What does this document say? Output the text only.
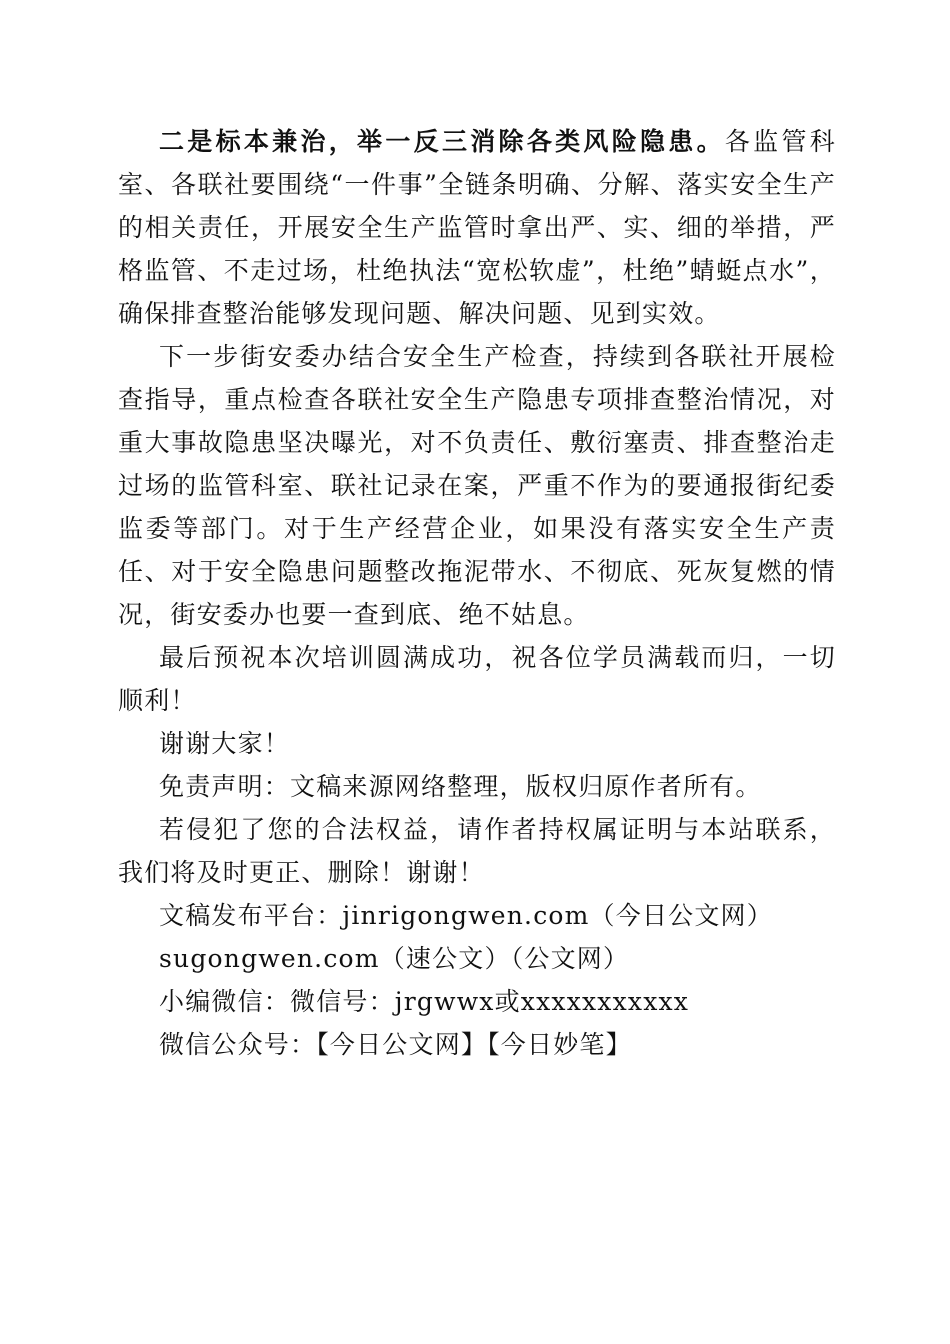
二是标本兼治，举一反三消除各类风险隐患。各监管科室、各联社要围绕“一件事”全链条明确、分解、落实安全生产的相关责任，开展安全生产监管时拿出严、实、细的举措，严格监管、不走过场，杜绝执法“宽松软虚”，杜绝”蜻蜓点水”，确保排查整治能够发现问题、解决问题、见到实效。

下一步街安委办结合安全生产检查，持续到各联社开展检查指导，重点检查各联社安全生产隐患专项排查整治情况，对重大事故隐患坚决曝光，对不负责任、敷衍塞责、排查整治走过场的监管科室、联社记录在案，严重不作为的要通报街纪委监委等部门。对于生产经营企业，如果没有落实安全生产责任、对于安全隐患问题整改拖泥带水、不彻底、死灰复燃的情况，街安委办也要一查到底、绝不姑息。

最后预祝本次培训圆满成功，祝各位学员满载而归，一切顺利！

谢谢大家！

免责声明：文稿来源网络整理，版权归原作者所有。

若侵犯了您的合法权益，请作者持权属证明与本站联系，我们将及时更正、删除！谢谢！

文稿发布平台：jinrigongwen.com（今日公文网）

sugongwen.com（速公文）（公文网）

小编微信：微信号：jrgwwx或xxxxxxxxxxx

微信公众号：【今日公文网】【今日妙笔】
